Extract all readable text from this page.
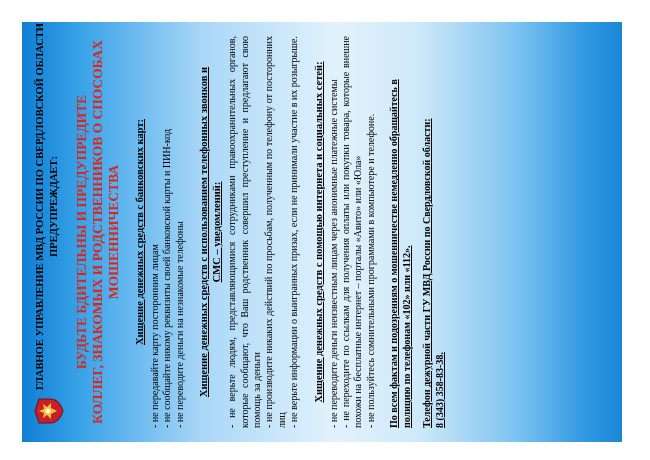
ГЛАВНОЕ УПРАВЛЕНИЕ МВД РОССИИ ПО СВЕРДЛОВСКОЙ ОБЛАСТИ ПРЕДУПРЕЖДАЕТ: БУДЬТЕ БДИТЕЛЬНЫ И ПРЕДУПРЕДИТЕ КОЛЛЕГ, ЗНАКОМЫХ И РОДСТВЕННИКОВ О СПОСОБАХ МОШЕННИЧЕСТВА Хищение денежных средств с банковских карт: - не передавайте карту посторонним лицам - не сообщайте никому реквизиты своей банковской карты и ПИН-код - не переводите деньги на незнакомые телефоны Хищение денежных средств с использованием телефонных звонков и СМС – уведомлений: - не верьте людям, представляющимися сотрудниками правоохранительных органов, которые сообщают, что Ваш родственник совершил преступление и предлагают свою помощь за деньги - не производите никаких действий по просьбам, полученным по телефону от посторонних лиц - не верьте информации о выигранных призах, если не принимали участие в их розыгрыше. Хищение денежных средств с помощью интернета и социальных сетей: - не переводите деньги неизвестным лицам через анонимные платежные системы - не переходите по ссылкам для получения оплаты или покупки товара, которые внешне похожи на бесплатные интернет – порталы «Авито» или «Юла» - не пользуйтесь сомнительными программами в компьютере и телефоне. По всем фактам и подозрениям о мошенничестве немедленно обращайтесь в полицию по телефонам «102» или «112». Телефон дежурной части ГУ МВД России по Свердловской области: 8 (343) 358-83-38.
